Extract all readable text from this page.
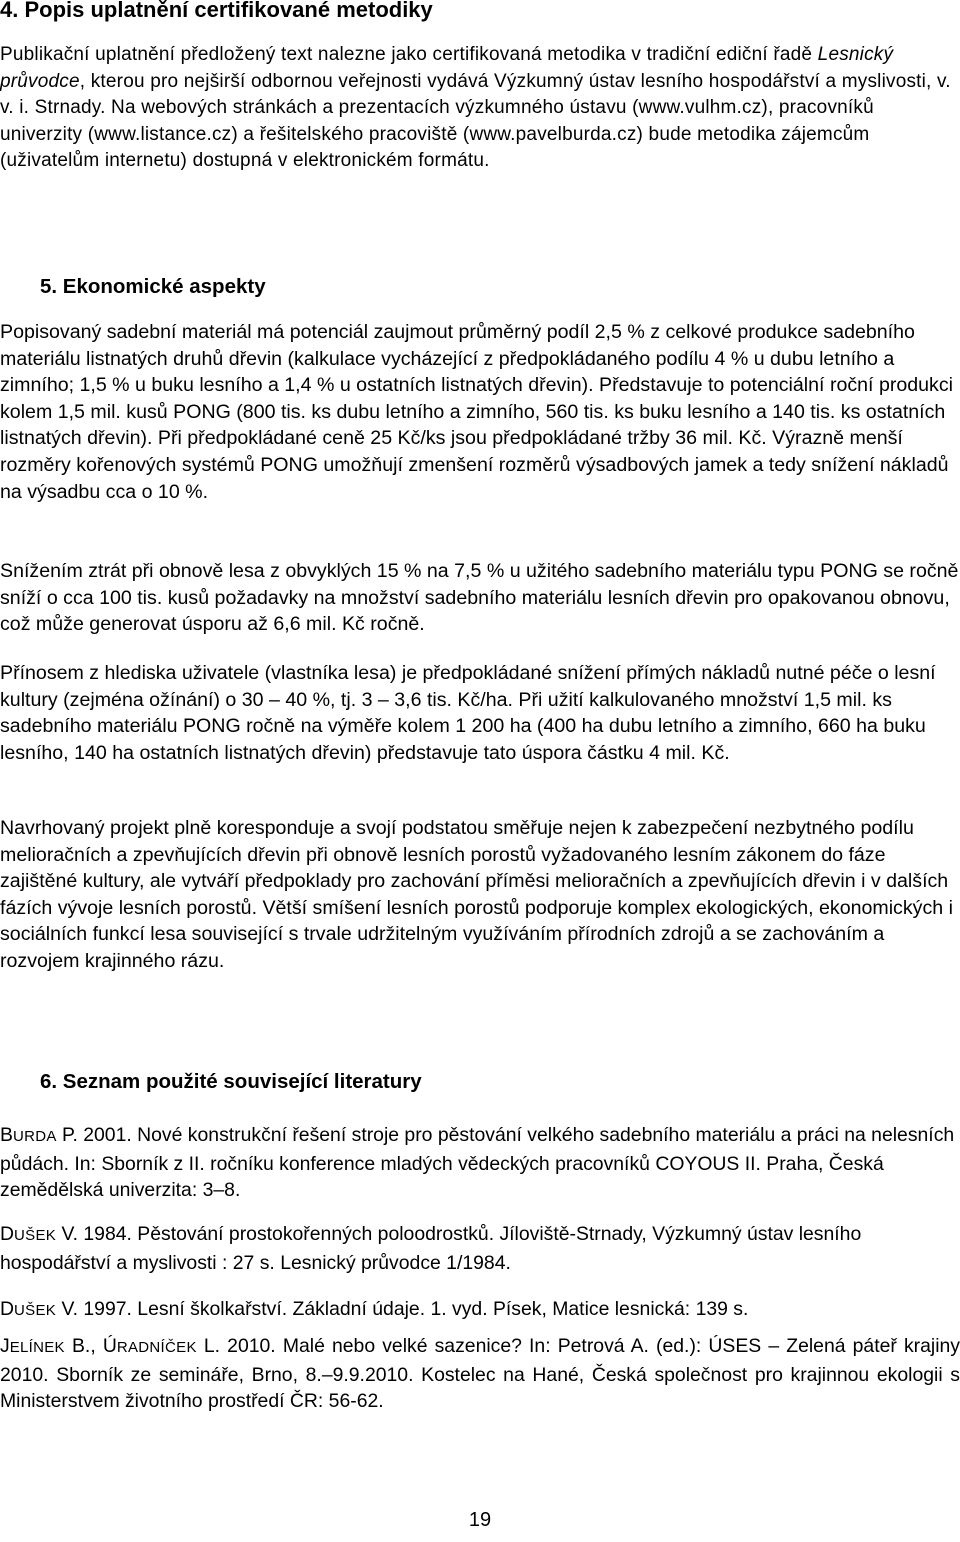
4. Popis uplatnění certifikované metodiky
Publikační uplatnění předložený text nalezne jako certifikovaná metodika v tradiční ediční řadě Lesnický průvodce, kterou pro nejširší odbornou veřejnosti vydává Výzkumný ústav lesního hospodářství a myslivosti, v. v. i. Strnady. Na webových stránkách a prezentacích výzkumného ústavu (www.vulhm.cz), pracovníků univerzity (www.listance.cz) a řešitelského pracoviště (www.pavelburda.cz) bude metodika zájemcům (uživatelům internetu) dostupná v elektronickém formátu.
5. Ekonomické aspekty
Popisovaný sadební materiál má potenciál zaujmout průměrný podíl 2,5 % z celkové produkce sadebního materiálu listnatých druhů dřevin (kalkulace vycházející z předpokládaného podílu 4 % u dubu letního a zimního; 1,5 % u buku lesního a 1,4 % u ostatních listnatých dřevin). Představuje to potenciální roční produkci kolem 1,5 mil. kusů PONG (800 tis. ks dubu letního a zimního, 560 tis. ks buku lesního a 140 tis. ks ostatních listnatých dřevin). Při předpokládané ceně 25 Kč/ks jsou předpokládané tržby 36 mil. Kč. Výrazně menší rozměry kořenových systémů PONG umožňují zmenšení rozměrů výsadbových jamek a tedy snížení nákladů na výsadbu cca o 10 %.
Snížením ztrát při obnově lesa z obvyklých 15 % na 7,5 % u užitého sadebního materiálu typu PONG se ročně sníží o cca 100 tis. kusů požadavky na množství sadebního materiálu lesních dřevin pro opakovanou obnovu, což může generovat úsporu až 6,6 mil. Kč ročně.
Přínosem z hlediska uživatele (vlastníka lesa) je předpokládané snížení přímých nákladů nutné péče o lesní kultury (zejména ožínání) o 30 – 40 %, tj. 3 – 3,6 tis. Kč/ha. Při užití kalkulovaného množství 1,5 mil. ks sadebního materiálu PONG ročně na výměře kolem 1 200 ha (400 ha dubu letního a zimního, 660 ha buku lesního, 140 ha ostatních listnatých dřevin) představuje tato úspora částku 4 mil. Kč.
Navrhovaný projekt plně koresponduje a svojí podstatou směřuje nejen k zabezpečení nezbytného podílu melioračních a zpevňujících dřevin při obnově lesních porostů vyžadovaného lesním zákonem do fáze zajištěné kultury, ale vytváří předpoklady pro zachování příměsi melioračních a zpevňujících dřevin i v dalších fázích vývoje lesních porostů. Větší smíšení lesních porostů podporuje komplex ekologických, ekonomických i sociálních funkcí lesa související s trvale udržitelným využíváním přírodních zdrojů a se zachováním a rozvojem krajinného rázu.
6. Seznam použité související literatury
BURDA P. 2001. Nové konstrukční řešení stroje pro pěstování velkého sadebního materiálu a práci na nelesních půdách. In: Sborník z II. ročníku konference mladých vědeckých pracovníků COYOUS II. Praha, Česká zemědělská univerzita: 3–8.
DUŠEK V. 1984. Pěstování prostokořenných poloodrostků. Jíloviště-Strnady, Výzkumný ústav lesního hospodářství a myslivosti : 27 s. Lesnický průvodce 1/1984.
DUŠEK V. 1997. Lesní školkařství. Základní údaje. 1. vyd. Písek, Matice lesnická: 139 s.
JELÍNEK B., ÚRADNÍČEK L. 2010. Malé nebo velké sazenice? In: Petrová A. (ed.): ÚSES – Zelená páteř krajiny 2010. Sborník ze semináře, Brno, 8.–9.9.2010. Kostelec na Hané, Česká společnost pro krajinnou ekologii s Ministerstvem životního prostředí ČR: 56-62.
19
